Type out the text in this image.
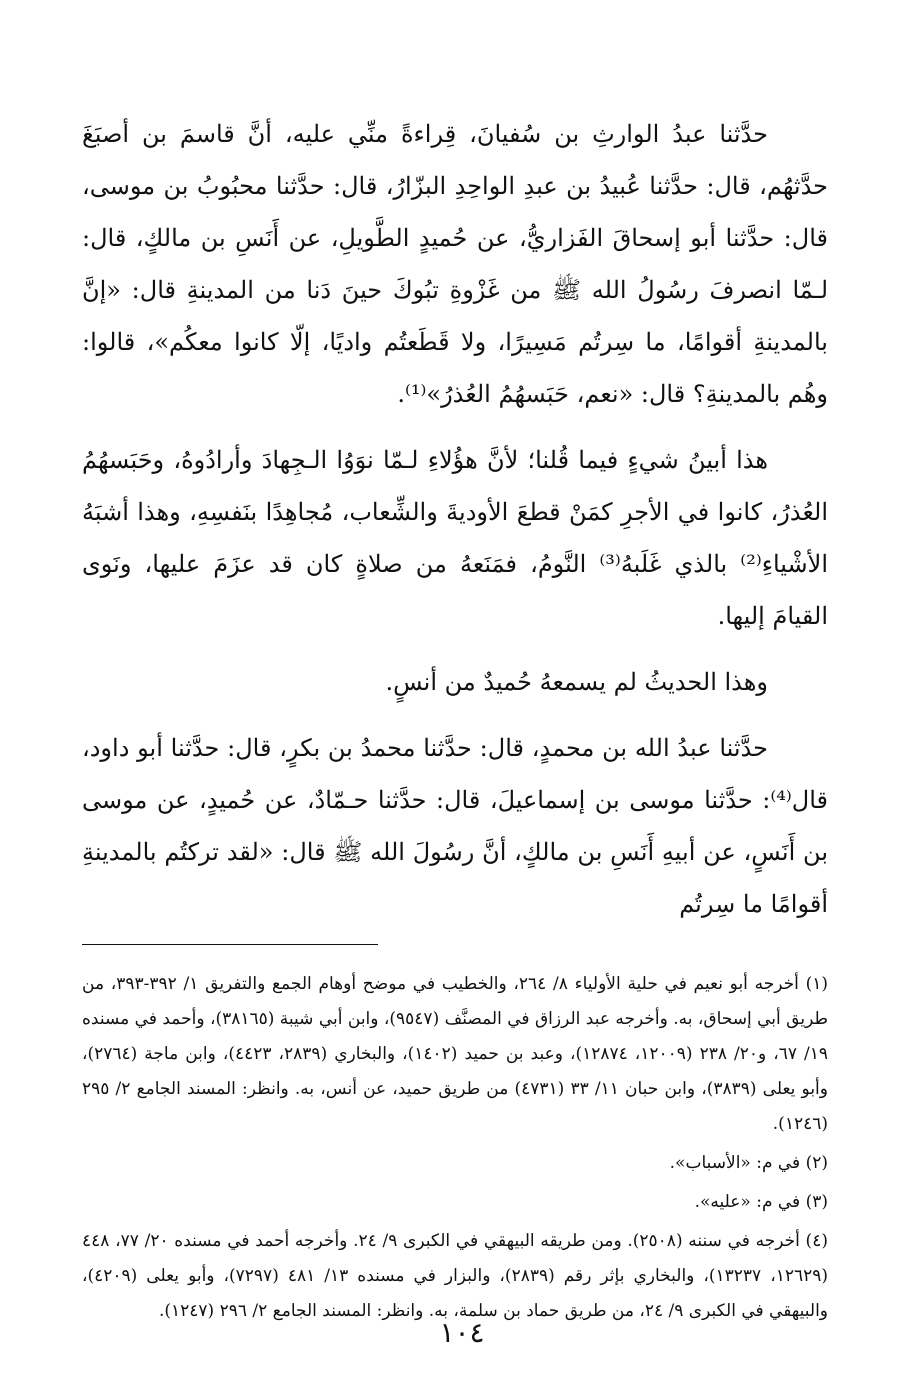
حدَّثنا عبدُ الوارثِ بن سُفيانَ، قِراءةً منِّي عليه، أنَّ قاسمَ بن أصبَغَ حدَّثهُم، قال: حدَّثنا عُبيدُ بن عبدِ الواحِدِ البزّارُ، قال: حدَّثنا محبُوبُ بن موسى، قال: حدَّثنا أبو إسحاقَ الفَزاريُّ، عن حُميدٍ الطَّويلِ، عن أَنَسِ بن مالكٍ، قال: لـمّا انصرفَ رسُولُ الله ﷺ من غَزْوةِ تبُوكَ حينَ دَنا من المدينةِ قال: «إنَّ بالمدينةِ أقوامًا، ما سِرتُم مَسِيرًا، ولا قَطَعتُم واديًا، إلّا كانوا معكُم»، قالوا: وهُم بالمدينةِ؟ قال: «نعم، حَبَسهُمُ العُذرُ»⁽¹⁾.

هذا أبينُ شيءٍ فيما قُلنا؛ لأنَّ هؤُلاءِ لـمّا نوَوُا الـجِهادَ وأرادُوهُ، وحَبَسهُمُ العُذرُ، كانوا في الأجرِ كمَنْ قطعَ الأوديةَ والشِّعاب، مُجاهِدًا بنَفسِهِ، وهذا أشبَهُ الأشْياءِ⁽²⁾ بالذي غَلَبهُ⁽³⁾ النَّومُ، فمَنَعهُ من صلاةٍ كان قد عزَمَ عليها، ونَوى القيامَ إليها.

وهذا الحديثُ لم يسمعهُ حُميدٌ من أنسٍ.

حدَّثنا عبدُ الله بن محمدٍ، قال: حدَّثنا محمدُ بن بكرٍ، قال: حدَّثنا أبو داود، قال⁽⁴⁾: حدَّثنا موسى بن إسماعيلَ، قال: حدَّثنا حـمّادٌ، عن حُميدٍ، عن موسى بن أَنَسٍ، عن أبيهِ أَنَسِ بن مالكٍ، أنَّ رسُولَ الله ﷺ قال: «لقد تركتُم بالمدينةِ أقوامًا ما سِرتُم

(١) أخرجه أبو نعيم في حلية الأولياء ٨/ ٢٦٤، والخطيب في موضح أوهام الجمع والتفريق ١/ ٣٩٢-٣٩٣، من طريق أبي إسحاق، به. وأخرجه عبد الرزاق في المصنَّف (٩٥٤٧)، وابن أبي شيبة (٣٨١٦٥)، وأحمد في مسنده ١٩/ ٦٧، و٢٠/ ٢٣٨ (١٢٠٠٩، ١٢٨٧٤)، وعبد بن حميد (١٤٠٢)، والبخاري (٢٨٣٩، ٤٤٢٣)، وابن ماجة (٢٧٦٤)، وأبو يعلى (٣٨٣٩)، وابن حبان ١١/ ٣٣ (٤٧٣١) من طريق حميد، عن أنس، به. وانظر: المسند الجامع ٢/ ٢٩٥ (١٢٤٦).

(٢) في م: «الأسباب».

(٣) في م: «عليه».

(٤) أخرجه في سننه (٢٥٠٨). ومن طريقه البيهقي في الكبرى ٩/ ٢٤. وأخرجه أحمد في مسنده ٢٠/ ٧٧، ٤٤٨ (١٢٦٢٩، ١٣٢٣٧)، والبخاري بإثر رقم (٢٨٣٩)، والبزار في مسنده ١٣/ ٤٨١ (٧٢٩٧)، وأبو يعلى (٤٢٠٩)، والبيهقي في الكبرى ٩/ ٢٤، من طريق حماد بن سلمة، به. وانظر: المسند الجامع ٢/ ٢٩٦ (١٢٤٧).

١٠٤
